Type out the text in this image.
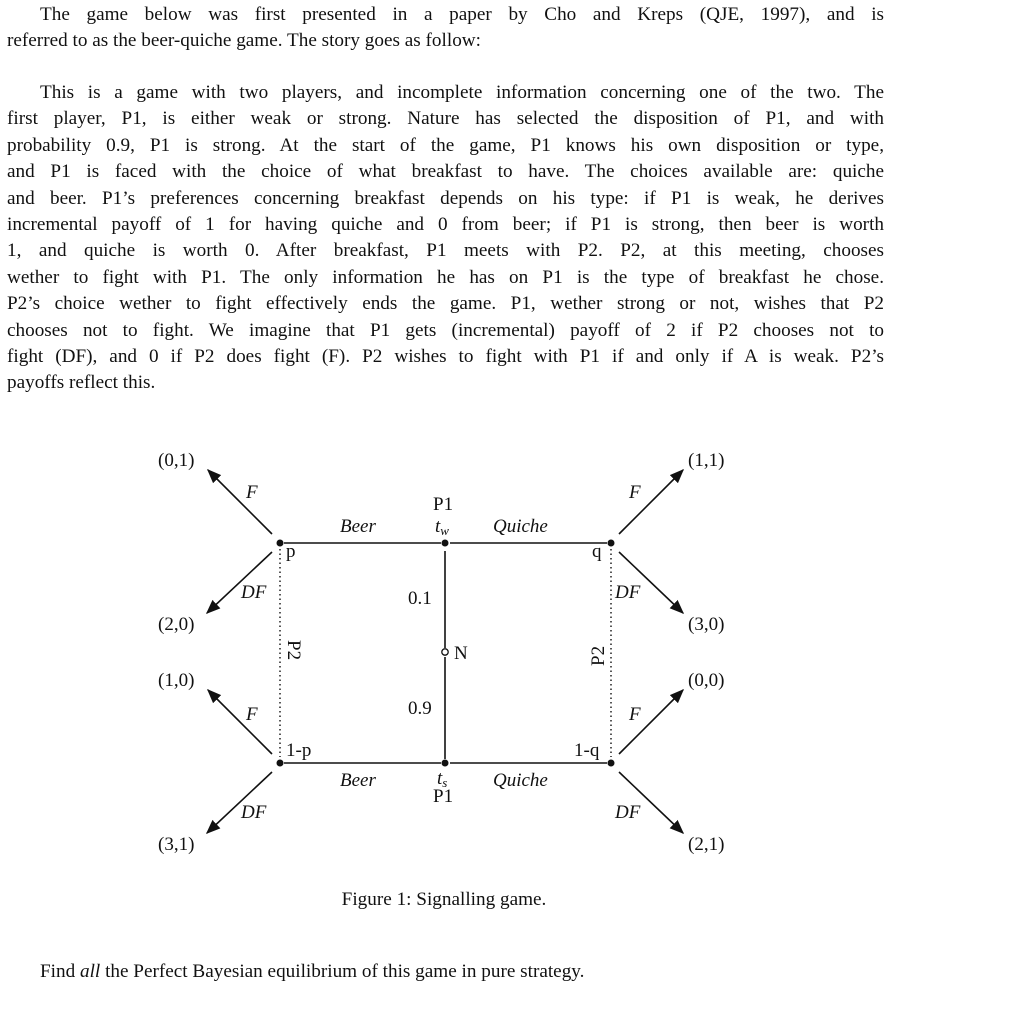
The game below was first presented in a paper by Cho and Kreps (QJE, 1997), and is
referred to as the beer-quiche game. The story goes as follow:
This is a game with two players, and incomplete information concerning one of the two. The
first player, P1, is either weak or strong. Nature has selected the disposition of P1, and with
probability 0.9, P1 is strong. At the start of the game, P1 knows his own disposition or type,
and P1 is faced with the choice of what breakfast to have. The choices available are: quiche
and beer. P1’s preferences concerning breakfast depends on his type: if P1 is weak, he derives
incremental payoff of 1 for having quiche and 0 from beer; if P1 is strong, then beer is worth
1, and quiche is worth 0. After breakfast, P1 meets with P2. P2, at this meeting, chooses
wether to fight with P1. The only information he has on P1 is the type of breakfast he chose.
P2’s choice wether to fight effectively ends the game. P1, wether strong or not, wishes that P2
chooses not to fight. We imagine that P1 gets (incremental) payoff of 2 if P2 chooses not to
fight (DF), and 0 if P2 does fight (F). P2 wishes to fight with P1 if and only if A is weak. P2’s
payoffs reflect this.
(0,1)
(2,0)
(1,0)
(3,1)
(1,1)
(3,0)
(0,0)
(2,1)
F
DF
F
DF
F
DF
F
DF
Beer	Quiche
Beer	Quiche
P1
tw
ts
P1
0.1
0.9
N
p
1-p
q
1-q
P2	P2
Figure 1: Signalling game.
Find all the Perfect Bayesian equilibrium of this game in pure strategy.
